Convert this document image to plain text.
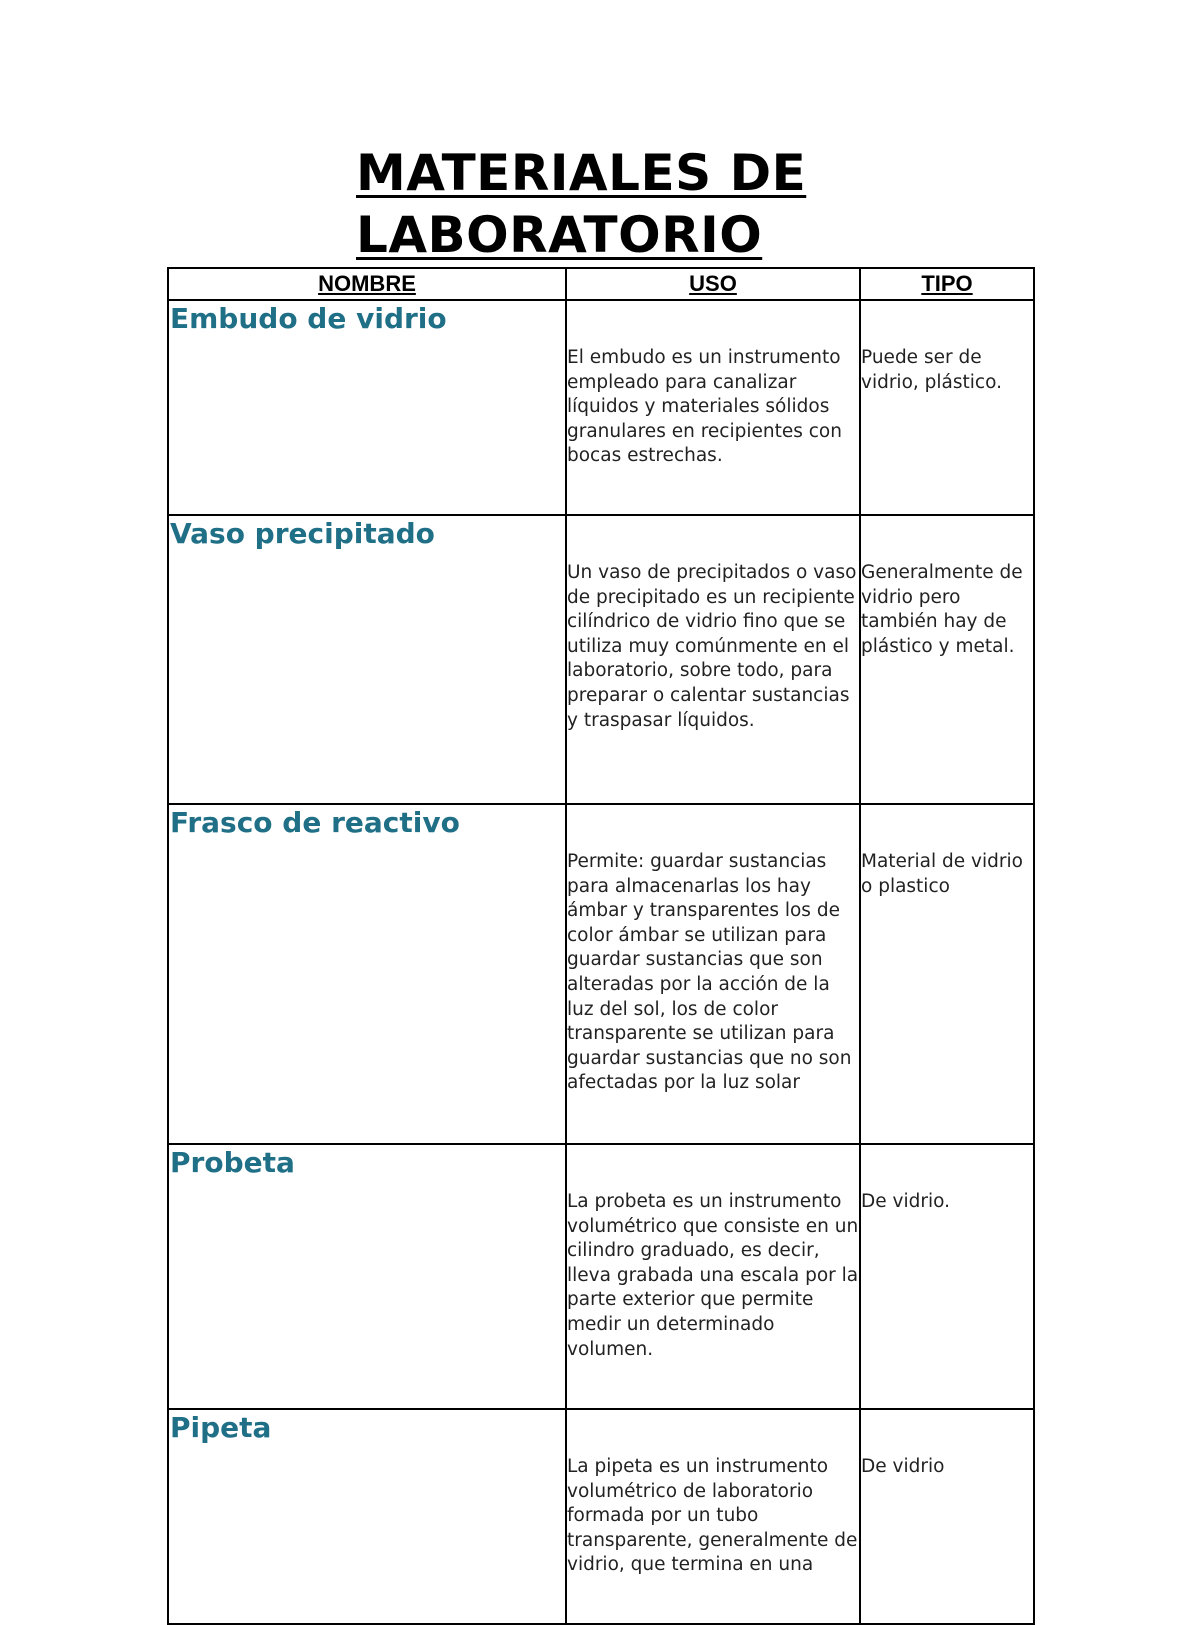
MATERIALES DE
LABORATORIO
NOMBRE	USO	TIPO
Embudo de vidrio	El embudo es un instrumento empleado para canalizar líquidos y materiales sólidos granulares en recipientes con bocas estrechas.	Puede ser de vidrio, plástico.
Vaso precipitado	Un vaso de precipitados o vaso de precipitado es un recipiente cilíndrico de vidrio fino que se utiliza muy comúnmente en el laboratorio, sobre todo, para preparar o calentar sustancias y traspasar líquidos.	Generalmente de vidrio pero también hay de plástico y metal.
Frasco de reactivo	Permite: guardar sustancias para almacenarlas los hay ámbar y transparentes los de color ámbar se utilizan para guardar sustancias que son alteradas por la acción de la luz del sol, los de color transparente se utilizan para guardar sustancias que no son afectadas por la luz solar	Material de vidrio o plastico
Probeta	La probeta es un instrumento volumétrico que consiste en un cilindro graduado, es decir, lleva grabada una escala por la parte exterior que permite medir un determinado volumen.	De vidrio.
Pipeta	La pipeta es un instrumento volumétrico de laboratorio formada por un tubo transparente, generalmente de vidrio, que termina en una	De vidrio
